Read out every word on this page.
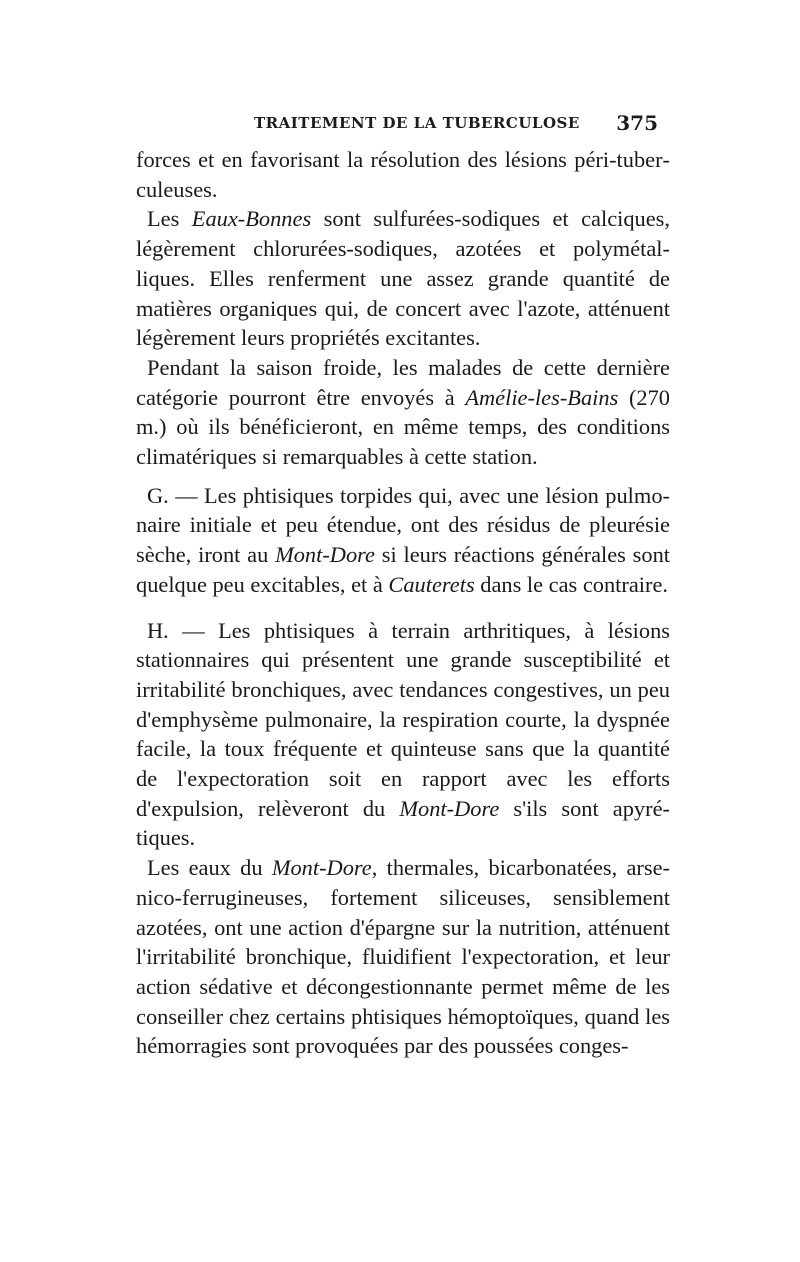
TRAITEMENT DE LA TUBERCULOSE 375

forces et en favorisant la résolution des lésions péri-tuberculeuses.

Les Eaux-Bonnes sont sulfurées-sodiques et calciques, légèrement chlorurées-sodiques, azotées et polymétalliques. Elles renferment une assez grande quantité de matières organiques qui, de concert avec l'azote, atténuent légèrement leurs propriétés excitantes.

Pendant la saison froide, les malades de cette dernière catégorie pourront être envoyés à Amélie-les-Bains (270 m.) où ils bénéficieront, en même temps, des conditions climatériques si remarquables à cette station.

G. — Les phtisiques torpides qui, avec une lésion pulmonaire initiale et peu étendue, ont des résidus de pleurésie sèche, iront au Mont-Dore si leurs réactions générales sont quelque peu excitables, et à Cauterets dans le cas contraire.

H. — Les phtisiques à terrain arthritiques, à lésions stationnaires qui présentent une grande susceptibilité et irritabilité bronchiques, avec tendances congestives, un peu d'emphysème pulmonaire, la respiration courte, la dyspnée facile, la toux fréquente et quinteuse sans que la quantité de l'expectoration soit en rapport avec les efforts d'expulsion, relèveront du Mont-Dore s'ils sont apyrétiques.

Les eaux du Mont-Dore, thermales, bicarbonatées, arsenico-ferrugineuses, fortement siliceuses, sensiblement azotées, ont une action d'épargne sur la nutrition, atténuent l'irritabilité bronchique, fluidifient l'expectoration, et leur action sédative et décongestionnante permet même de les conseiller chez certains phtisiques hémoptoïques, quand les hémorragies sont provoquées par des poussées conges-
